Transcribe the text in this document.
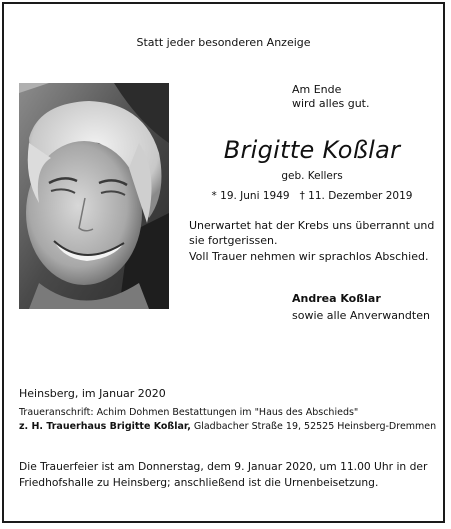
Statt jeder besonderen Anzeige
Am Ende
wird alles gut.
Brigitte Koßlar
geb. Kellers
* 19. Juni 1949   † 11. Dezember 2019
Unerwartet hat der Krebs uns überrannt und
sie fortgerissen.
Voll Trauer nehmen wir sprachlos Abschied.
Andrea Koßlar
sowie alle Anverwandten
Heinsberg, im Januar 2020
Traueranschrift: Achim Dohmen Bestattungen im "Haus des Abschieds"
z. H. Trauerhaus Brigitte Koßlar, Gladbacher Straße 19, 52525 Heinsberg-Dremmen
Die Trauerfeier ist am Donnerstag, dem 9. Januar 2020, um 11.00 Uhr in der
Friedhofshalle zu Heinsberg; anschließend ist die Urnenbeisetzung.
